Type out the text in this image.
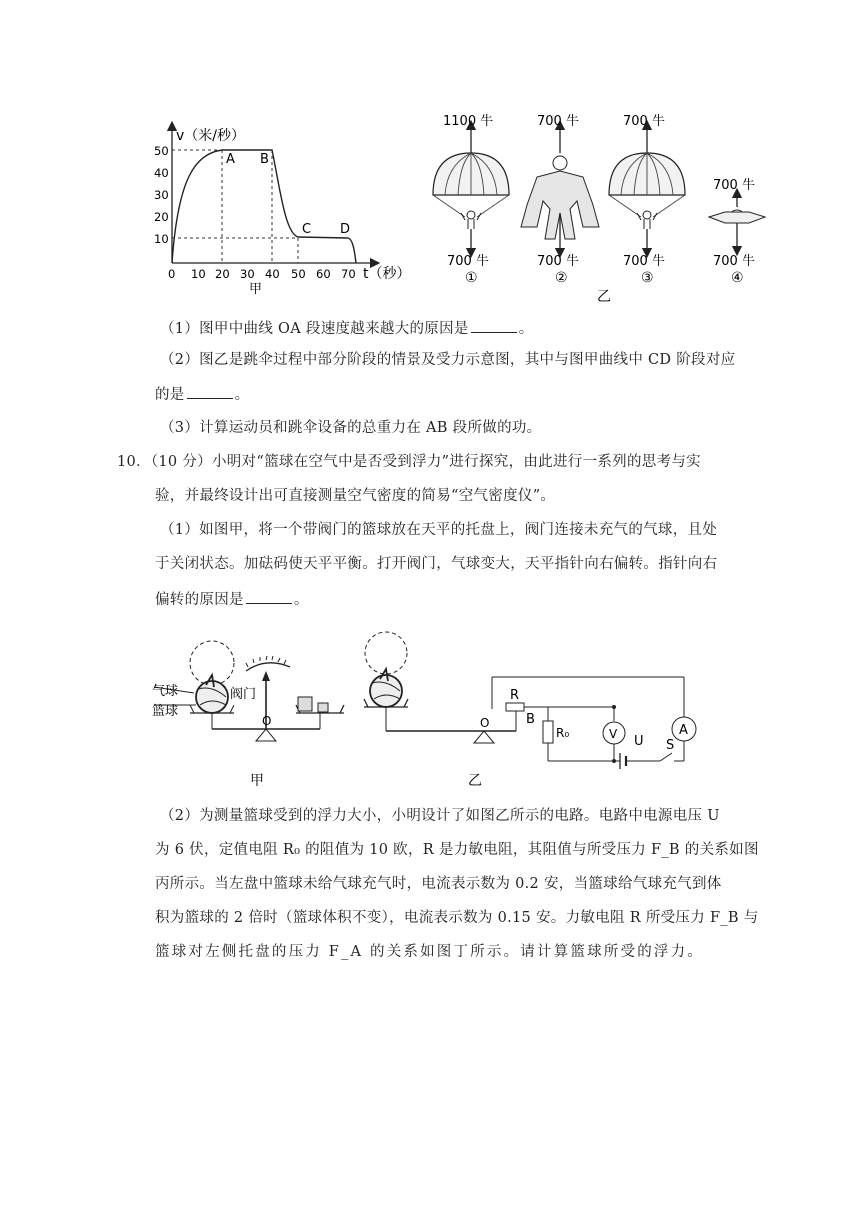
v（米/秒）
50
40
30
20
10
0 10 20 30 40 50 60 70 t（秒）
A B
C D
甲
1100 牛
700 牛
①
700 牛
700 牛
②
700 牛
700 牛
③
700 牛
700 牛
④
乙
（1）图甲中曲线 OA 段速度越来越大的原因是	。
（2）图乙是跳伞过程中部分阶段的情景及受力示意图，其中与图甲曲线中 CD 阶段对应
的是	。
（3）计算运动员和跳伞设备的总重力在 AB 段所做的功。
10．（10 分）小明对“篮球在空气中是否受到浮力”进行探究，由此进行一系列的思考与实
验，并最终设计出可直接测量空气密度的简易“空气密度仪”。
（1）如图甲，将一个带阀门的篮球放在天平的托盘上，阀门连接未充气的气球，且处
于关闭状态。加砝码使天平平衡。打开阀门，气球变大，天平指针向右偏转。指针向右
偏转的原因是	。
气球
篮球
阀门
O
甲
O
R
B
R₀	V U S
A
乙
（2）为测量篮球受到的浮力大小，小明设计了如图乙所示的电路。电路中电源电压 U
为 6 伏，定值电阻 R₀ 的阻值为 10 欧，R 是力敏电阻，其阻值与所受压力 F_B 的关系如图
丙所示。当左盘中篮球未给气球充气时，电流表示数为 0.2 安，当篮球给气球充气到体
积为篮球的 2 倍时（篮球体积不变），电流表示数为 0.15 安。力敏电阻 R 所受压力 F_B 与
篮球对左侧托盘的压力 F_A 的关系如图丁所示。请计算篮球所受的浮力。
